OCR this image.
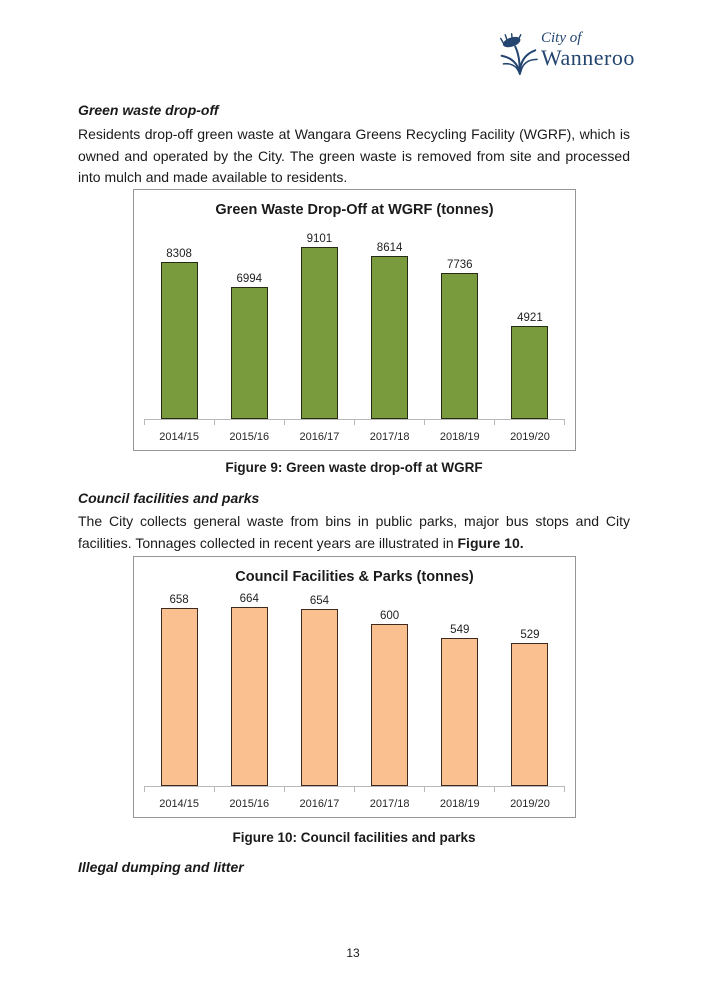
City of
Wanneroo
Green waste drop-off
Residents drop-off green waste at Wangara Greens Recycling Facility (WGRF), which is owned and operated by the City. The green waste is removed from site and processed into mulch and made available to residents.
Green Waste Drop-Off at WGRF (tonnes)
8308
6994
9101
8614
7736
4921
2014/15	2015/16	2016/17	2017/18	2018/19	2019/20
Figure 9: Green waste drop-off at WGRF
Council facilities and parks
The City collects general waste from bins in public parks, major bus stops and City facilities. Tonnages collected in recent years are illustrated in Figure 10.
Council Facilities & Parks (tonnes)
658	664	654
600
549	529
2014/15	2015/16	2016/17	2017/18	2018/19	2019/20
Figure 10: Council facilities and parks
Illegal dumping and litter
13
